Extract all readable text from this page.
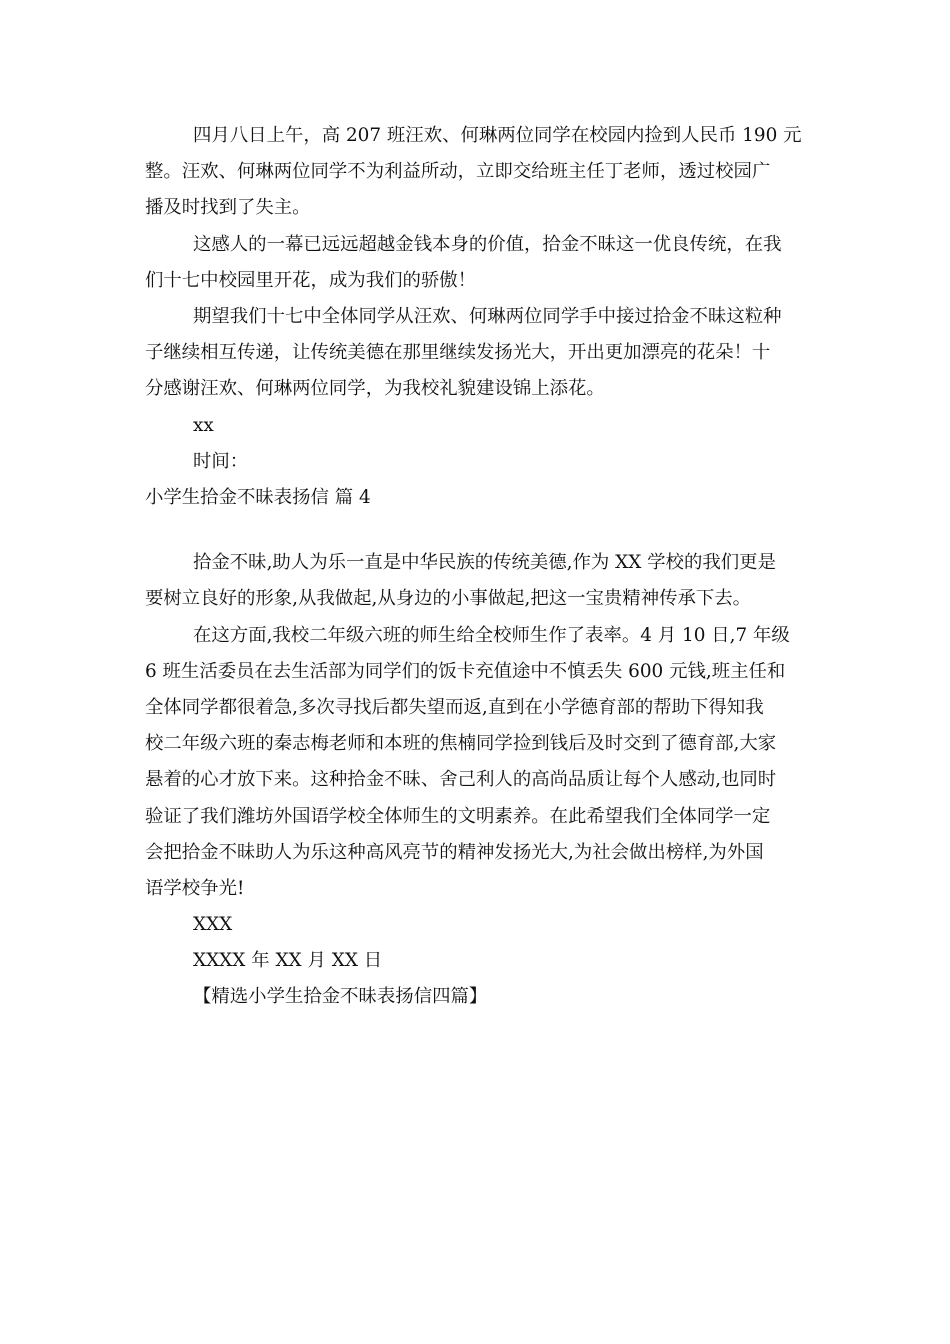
四月八日上午，高 207 班汪欢、何琳两位同学在校园内捡到人民币 190 元
整。汪欢、何琳两位同学不为利益所动，立即交给班主任丁老师，透过校园广
播及时找到了失主。
这感人的一幕已远远超越金钱本身的价值，拾金不昧这一优良传统，在我
们十七中校园里开花，成为我们的骄傲！
期望我们十七中全体同学从汪欢、何琳两位同学手中接过拾金不昧这粒种
子继续相互传递，让传统美德在那里继续发扬光大，开出更加漂亮的花朵！十
分感谢汪欢、何琳两位同学，为我校礼貌建设锦上添花。
xx
时间：
小学生拾金不昧表扬信 篇 4
拾金不昧,助人为乐一直是中华民族的传统美德,作为 XX 学校的我们更是
要树立良好的形象,从我做起,从身边的小事做起,把这一宝贵精神传承下去。
在这方面,我校二年级六班的师生给全校师生作了表率。4 月 10 日,7 年级
6 班生活委员在去生活部为同学们的饭卡充值途中不慎丢失 600 元钱,班主任和
全体同学都很着急,多次寻找后都失望而返,直到在小学德育部的帮助下得知我
校二年级六班的秦志梅老师和本班的焦楠同学捡到钱后及时交到了德育部,大家
悬着的心才放下来。这种拾金不昧、舍己利人的高尚品质让每个人感动,也同时
验证了我们潍坊外国语学校全体师生的文明素养。在此希望我们全体同学一定
会把拾金不昧助人为乐这种高风亮节的精神发扬光大,为社会做出榜样,为外国
语学校争光!
XXX
XXXX 年 XX 月 XX 日
【精选小学生拾金不昧表扬信四篇】
